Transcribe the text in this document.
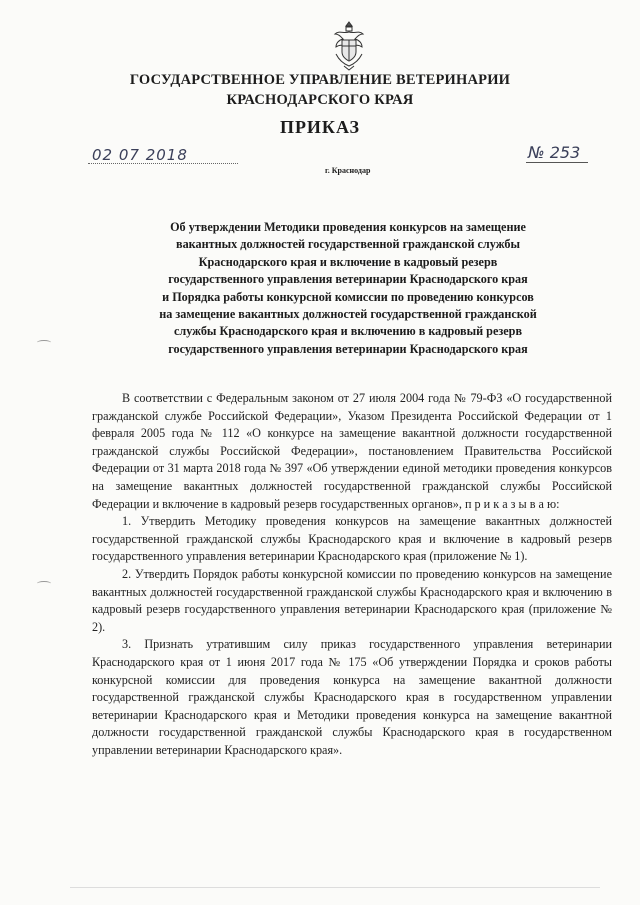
ГОСУДАРСТВЕННОЕ УПРАВЛЕНИЕ ВЕТЕРИНАРИИ
КРАСНОДАРСКОГО КРАЯ
ПРИКАЗ
02 07 2018
г. Краснодар
№ 253
Об утверждении Методики проведения конкурсов на замещение
вакантных должностей государственной гражданской службы
Краснодарского края и включение в кадровый резерв
государственного управления ветеринарии Краснодарского края
и Порядка работы конкурсной комиссии по проведению конкурсов
на замещение вакантных должностей государственной гражданской
службы Краснодарского края и включению в кадровый резерв
государственного управления ветеринарии Краснодарского края

В соответствии с Федеральным законом от 27 июля 2004 года № 79-ФЗ «О государственной гражданской службе Российской Федерации», Указом Президента Российской Федерации от 1 февраля 2005 года № 112 «О конкурсе на замещение вакантной должности государственной гражданской службы Российской Федерации», постановлением Правительства Российской Федерации от 31 марта 2018 года № 397 «Об утверждении единой методики проведения конкурсов на замещение вакантных должностей государственной гражданской службы Российской Федерации и включение в кадровый резерв государственных органов», п р и к а з ы в а ю:

1. Утвердить Методику проведения конкурсов на замещение вакантных должностей государственной гражданской службы Краснодарского края и включение в кадровый резерв государственного управления ветеринарии Краснодарского края (приложение № 1).

2. Утвердить Порядок работы конкурсной комиссии по проведению конкурсов на замещение вакантных должностей государственной гражданской службы Краснодарского края и включению в кадровый резерв государственного управления ветеринарии Краснодарского края (приложение № 2).

3. Признать утратившим силу приказ государственного управления ветеринарии Краснодарского края от 1 июня 2017 года № 175 «Об утверждении Порядка и сроков работы конкурсной комиссии для проведения конкурса на замещение вакантной должности государственной гражданской службы Краснодарского края в государственном управлении ветеринарии Краснодарского края и Методики проведения конкурса на замещение вакантной должности государственной гражданской службы Краснодарского края в государственном управлении ветеринарии Краснодарского края».
